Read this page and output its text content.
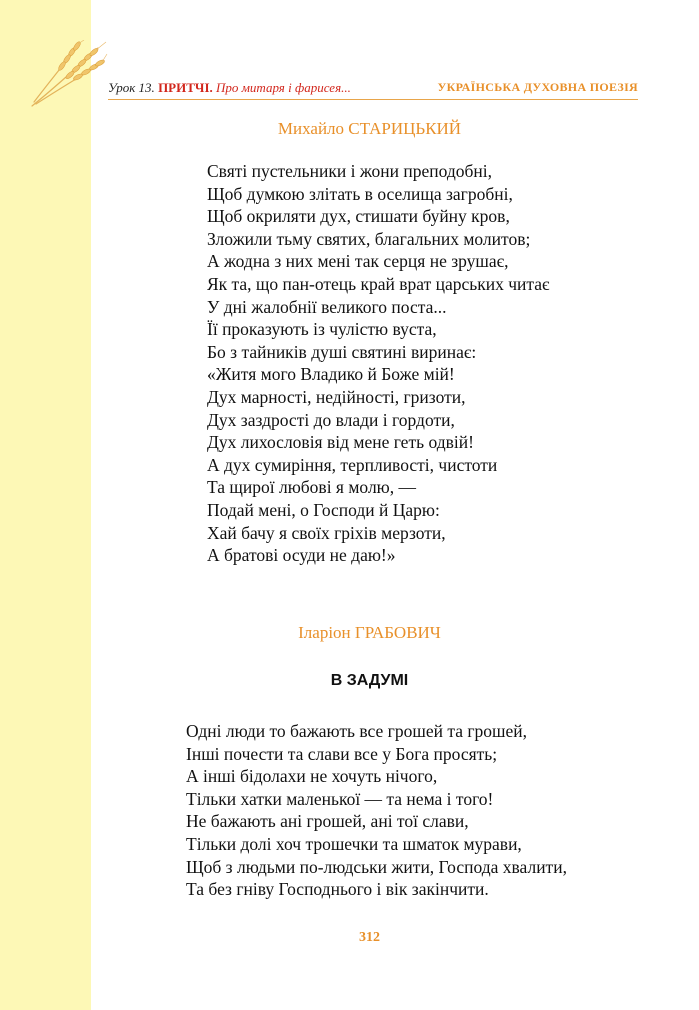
Урок 13. ПРИТЧІ. Про митаря і фарисея...	УКРАЇНСЬКА ДУХОВНА ПОЕЗІЯ
Михайло СТАРИЦЬКИЙ
Святі пустельники і жони преподобні,
Щоб думкою злітать в оселища загробні,
Щоб окриляти дух, стишати буйну кров,
Зложили тьму святих, благальних молитов;
А жодна з них мені так серця не зрушає,
Як та, що пан-отець край врат царських читає
У дні жалобнії великого поста...
Її проказують із чулістю вуста,
Бо з тайників душі святині виринає:
«Житя мого Владико й Боже мій!
Дух марності, недійності, гризоти,
Дух заздрості до влади і гордоти,
Дух лихословія від мене геть одвій!
А дух сумиріння, терпливості, чистоти
Та щирої любові я молю, —
Подай мені, о Господи й Царю:
Хай бачу я своїх гріхів мерзоти,
А братові осуди не даю!»
Іларіон ГРАБОВИЧ
В ЗАДУМІ
Одні люди то бажають все грошей та грошей,
Інші почести та слави все у Бога просять;
А інші бідолахи не хочуть нічого,
Тільки хатки маленької — та нема і того!
Не бажають ані грошей, ані тої слави,
Тільки долі хоч трошечки та шматок мурави,
Щоб з людьми по-людськи жити, Господа хвалити,
Та без гніву Господнього і вік закінчити.
312
